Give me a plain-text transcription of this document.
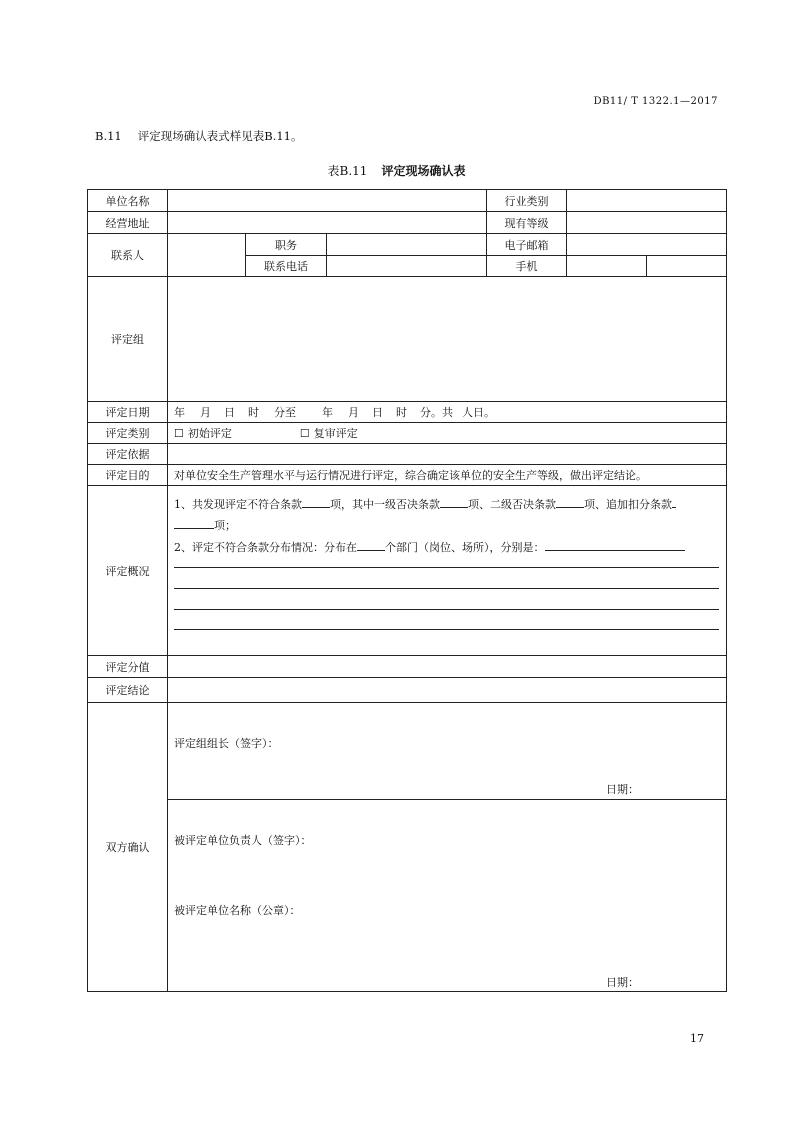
DB11/ T 1322.1—2017
B.11 评定现场确认表式样见表B.11。
表B.11 评定现场确认表
单位名称				行业类别		
经营地址				现有等级		
联系人		职务		电子邮箱		
		联系电话		手机		
评定组						
评定日期	年 月 日 时 分至 年 月 日 时 分。共 人日。					
评定类别	☐ 初始评定 ☐ 复审评定					
评定依据						
评定目的	对单位安全生产管理水平与运行情况进行评定，综合确定该单位的安全生产等级，做出评定结论。					
评定概况	1、共发现评定不符合条款 项，其中一级否决条款 项、二级否决条款 项、追加扣分条款
项；
2、评定不符合条款分布情况：分布在 个部门（岗位、场所），分别是：					

评定分值						
评定结论						
双方确认	评定组组长（签字）：
日期：					

	被评定单位负责人（签字）：
被评定单位名称（公章）：
日期：					
17
